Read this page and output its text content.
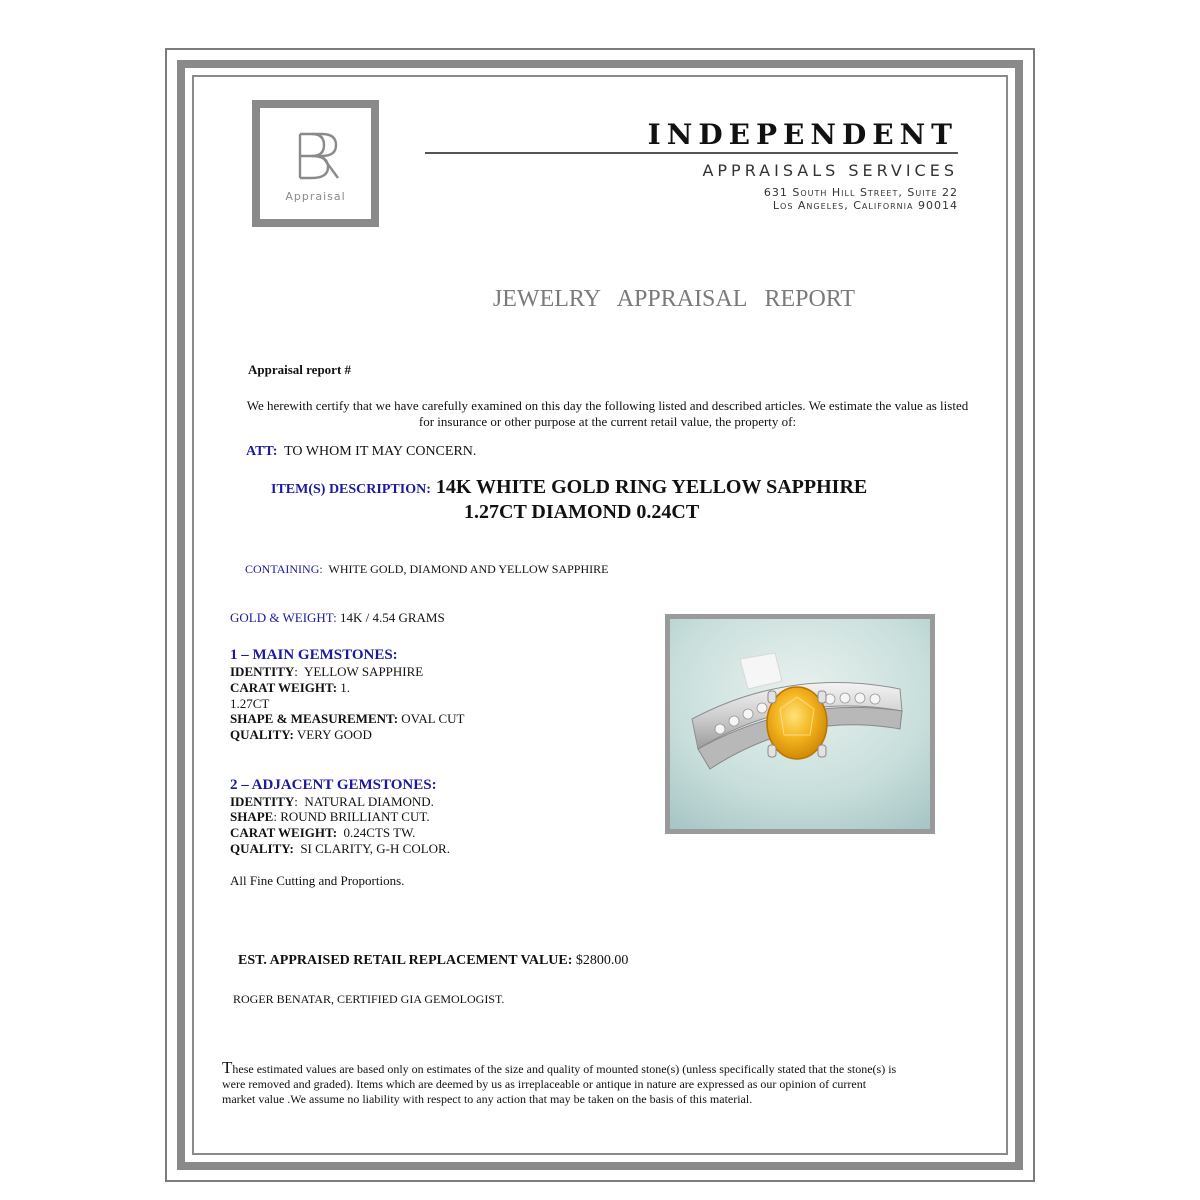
Appraisal
INDEPENDENT
APPRAISALS SERVICES
631 South Hill Street, Suite 22
Los Angeles, California 90014
JEWELRY APPRAISAL REPORT
Appraisal report #
We herewith certify that we have carefully examined on this day the following listed and described articles. We estimate the value as listed for insurance or other purpose at the current retail value, the property of:
ATT: TO WHOM IT MAY CONCERN.
ITEM(S) DESCRIPTION: 14K WHITE GOLD RING YELLOW SAPPHIRE
1.27CT DIAMOND 0.24CT
CONTAINING: WHITE GOLD, DIAMOND AND YELLOW SAPPHIRE
GOLD & WEIGHT: 14K / 4.54 GRAMS
1 – MAIN GEMSTONES:
IDENTITY:  YELLOW SAPPHIRE
CARAT WEIGHT: 1.
1.27CT
SHAPE & MEASUREMENT: OVAL CUT
QUALITY: VERY GOOD
2 – ADJACENT GEMSTONES:
IDENTITY:  NATURAL DIAMOND.
SHAPE: ROUND BRILLIANT CUT.
CARAT WEIGHT: 0.24CTS TW.
QUALITY: SI CLARITY, G-H COLOR.
All Fine Cutting and Proportions.
EST. APPRAISED RETAIL REPLACEMENT VALUE: $2800.00
ROGER BENATAR, CERTIFIED GIA GEMOLOGIST.
These estimated values are based only on estimates of the size and quality of mounted stone(s) (unless specifically stated that the stone(s) is
were removed and graded). Items which are deemed by us as irreplaceable or antique in nature are expressed as our opinion of current
market value .We assume no liability with respect to any action that may be taken on the basis of this material.
